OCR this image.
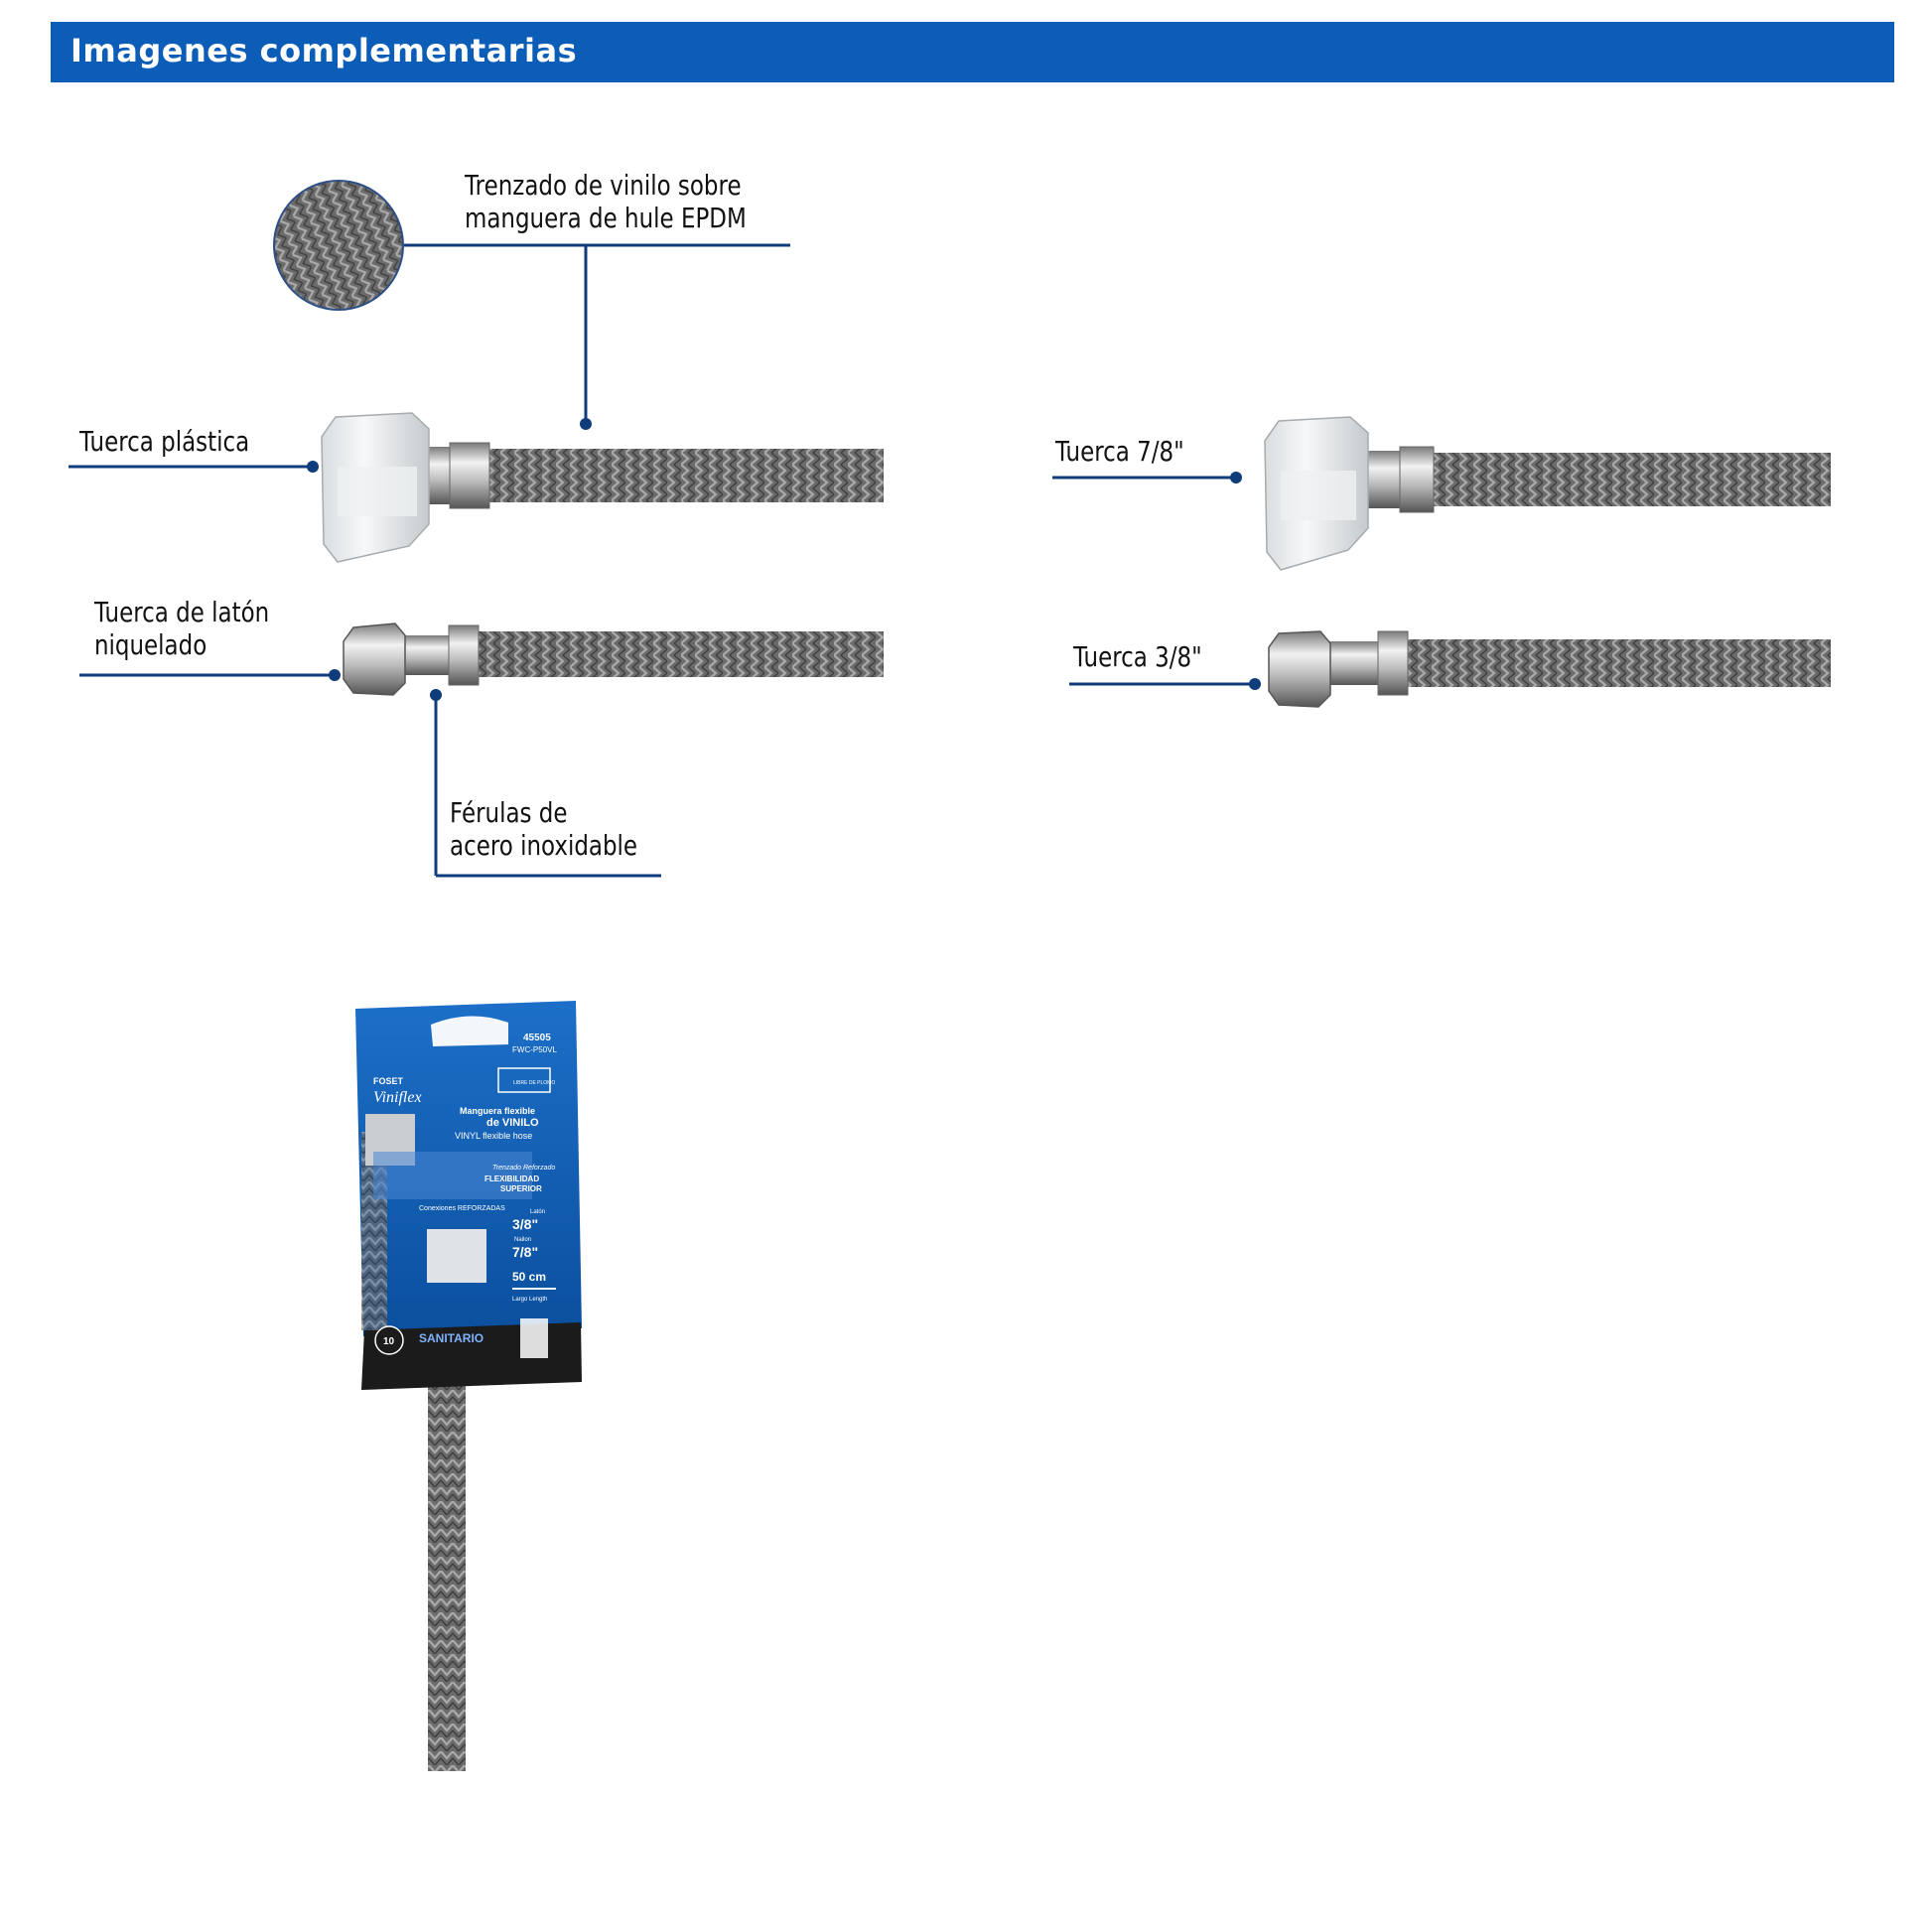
Imagenes complementarias
45505
FWC-P50VL
FOSET
Viniflex
LIBRE DE PLOMO
Manguera flexible
de VINILO
VINYL flexible hose
Trenzado Reforzado
FLEXIBILIDAD
SUPERIOR
Conexiones REFORZADAS	Latón
3/8"
Nailon
7/8"
50 cm
Largo Length
10 SANITARIO
Trenzado de vinilo sobre
manguera de hule EPDM
Tuerca plástica
Tuerca de latón
niquelado
Férulas de
acero inoxidable
Tuerca 7/8"
Tuerca 3/8"
